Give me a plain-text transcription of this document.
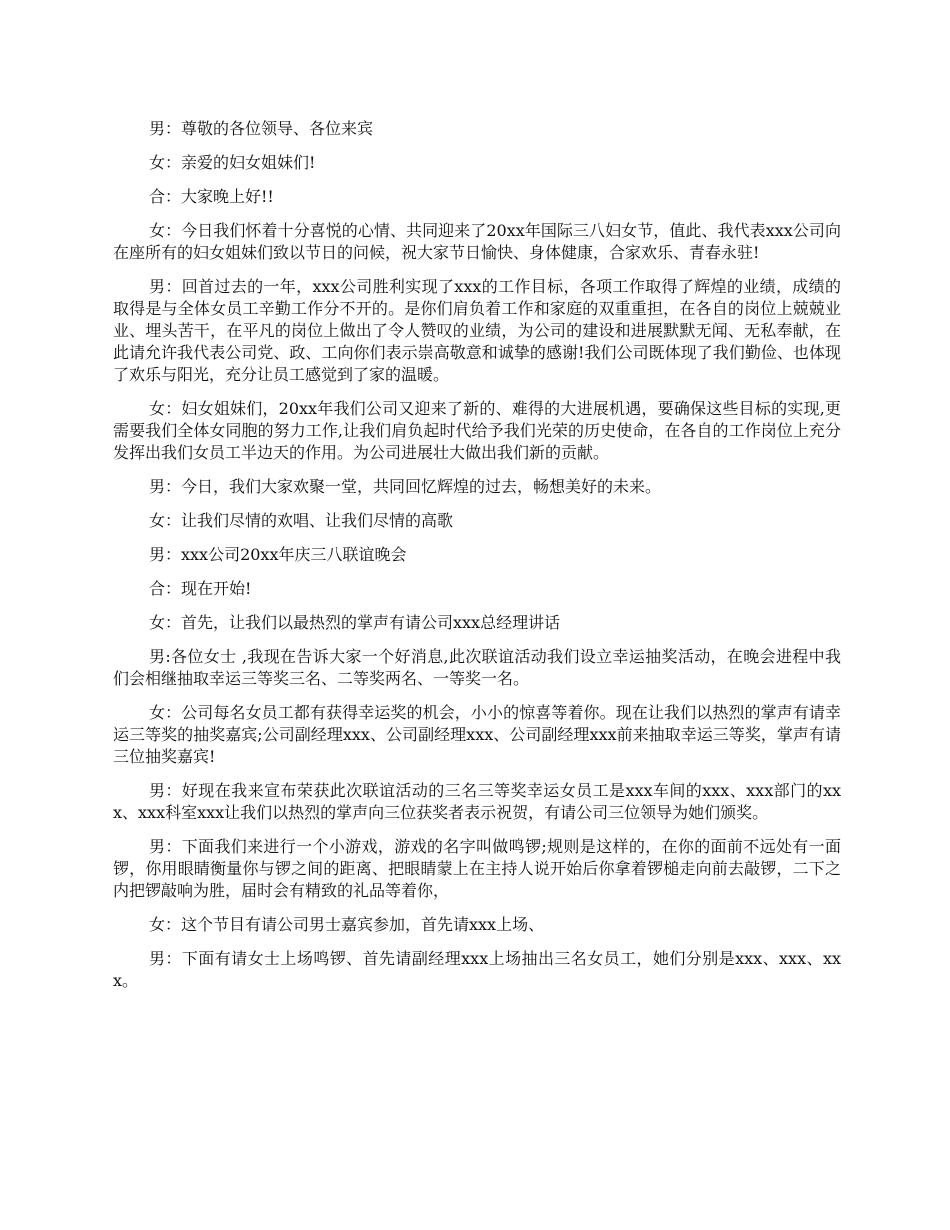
男：尊敬的各位领导、各位来宾

女：亲爱的妇女姐妹们!

合：大家晚上好!!

女：今日我们怀着十分喜悦的心情、共同迎来了20xx年国际三八妇女节，值此、我代表xxx公司向在座所有的妇女姐妹们致以节日的问候，祝大家节日愉快、身体健康，合家欢乐、青春永驻!

男：回首过去的一年，xxx公司胜利实现了xxx的工作目标，各项工作取得了辉煌的业绩，成绩的取得是与全体女员工辛勤工作分不开的。是你们肩负着工作和家庭的双重重担，在各自的岗位上兢兢业业、埋头苦干，在平凡的岗位上做出了令人赞叹的业绩，为公司的建设和进展默默无闻、无私奉献，在此请允许我代表公司党、政、工向你们表示崇高敬意和诚挚的感谢!我们公司既体现了我们勤俭、也体现了欢乐与阳光，充分让员工感觉到了家的温暖。

女：妇女姐妹们，20xx年我们公司又迎来了新的、难得的大进展机遇，要确保这些目标的实现,更需要我们全体女同胞的努力工作,让我们肩负起时代给予我们光荣的历史使命，在各自的工作岗位上充分发挥出我们女员工半边天的作用。为公司进展壮大做出我们新的贡献。

男：今日，我们大家欢聚一堂，共同回忆辉煌的过去，畅想美好的未来。

女：让我们尽情的欢唱、让我们尽情的高歌

男：xxx公司20xx年庆三八联谊晚会

合：现在开始!

女：首先，让我们以最热烈的掌声有请公司xxx总经理讲话

男:各位女士 ,我现在告诉大家一个好消息,此次联谊活动我们设立幸运抽奖活动，在晚会进程中我们会相继抽取幸运三等奖三名、二等奖两名、一等奖一名。

女：公司每名女员工都有获得幸运奖的机会，小小的惊喜等着你。现在让我们以热烈的掌声有请幸运三等奖的抽奖嘉宾;公司副经理xxx、公司副经理xxx、公司副经理xxx前来抽取幸运三等奖，掌声有请三位抽奖嘉宾!

男：好现在我来宣布荣获此次联谊活动的三名三等奖幸运女员工是xxx车间的xxx、xxx部门的xxx、xxx科室xxx让我们以热烈的掌声向三位获奖者表示祝贺，有请公司三位领导为她们颁奖。

男：下面我们来进行一个小游戏，游戏的名字叫做鸣锣;规则是这样的，在你的面前不远处有一面锣，你用眼睛衡量你与锣之间的距离、把眼睛蒙上在主持人说开始后你拿着锣槌走向前去敲锣，二下之内把锣敲响为胜，届时会有精致的礼品等着你，

女：这个节目有请公司男士嘉宾参加，首先请xxx上场、

男：下面有请女士上场鸣锣、首先请副经理xxx上场抽出三名女员工，她们分别是xxx、xxx、xxx。
